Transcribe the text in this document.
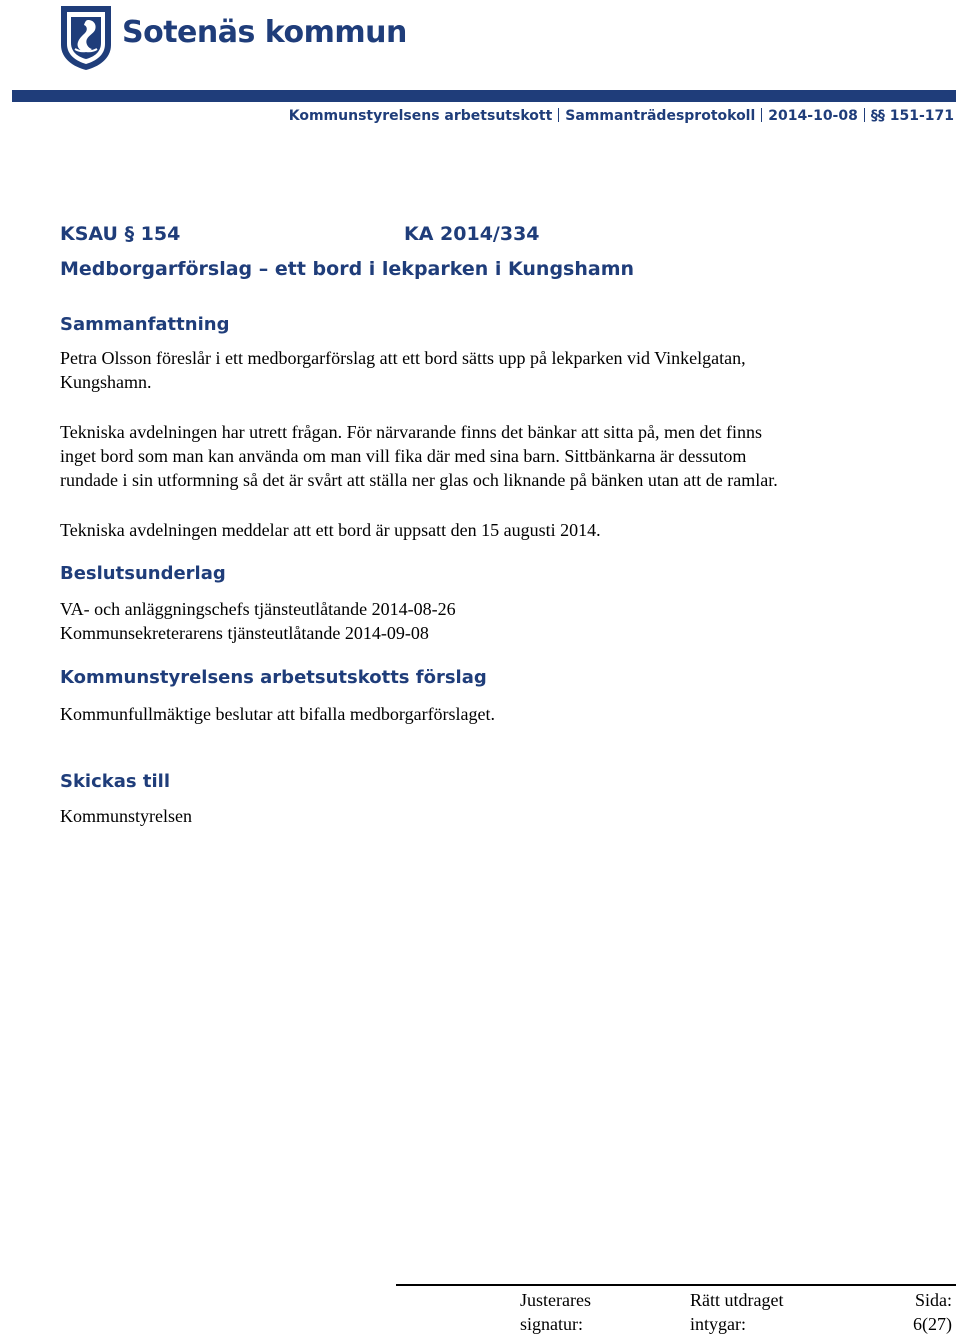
Sotenäs kommun
Kommunstyrelsens arbetsutskott Sammanträdesprotokoll 2014-10-08 §§ 151-171
KSAU § 154	KA 2014/334
Medborgarförslag – ett bord i lekparken i Kungshamn
Sammanfattning
Petra Olsson föreslår i ett medborgarförslag att ett bord sätts upp på lekparken vid Vinkelgatan,
Kungshamn.
Tekniska avdelningen har utrett frågan. För närvarande finns det bänkar att sitta på, men det finns
inget bord som man kan använda om man vill fika där med sina barn. Sittbänkarna är dessutom
rundade i sin utformning så det är svårt att ställa ner glas och liknande på bänken utan att de ramlar.
Tekniska avdelningen meddelar att ett bord är uppsatt den 15 augusti 2014.
Beslutsunderlag
VA- och anläggningschefs tjänsteutlåtande 2014-08-26
Kommunsekreterarens tjänsteutlåtande 2014-09-08
Kommunstyrelsens arbetsutskotts förslag
Kommunfullmäktige beslutar att bifalla medborgarförslaget.
Skickas till
Kommunstyrelsen
Justerares
signatur:
Rätt utdraget
intygar:
Sida:
6(27)
